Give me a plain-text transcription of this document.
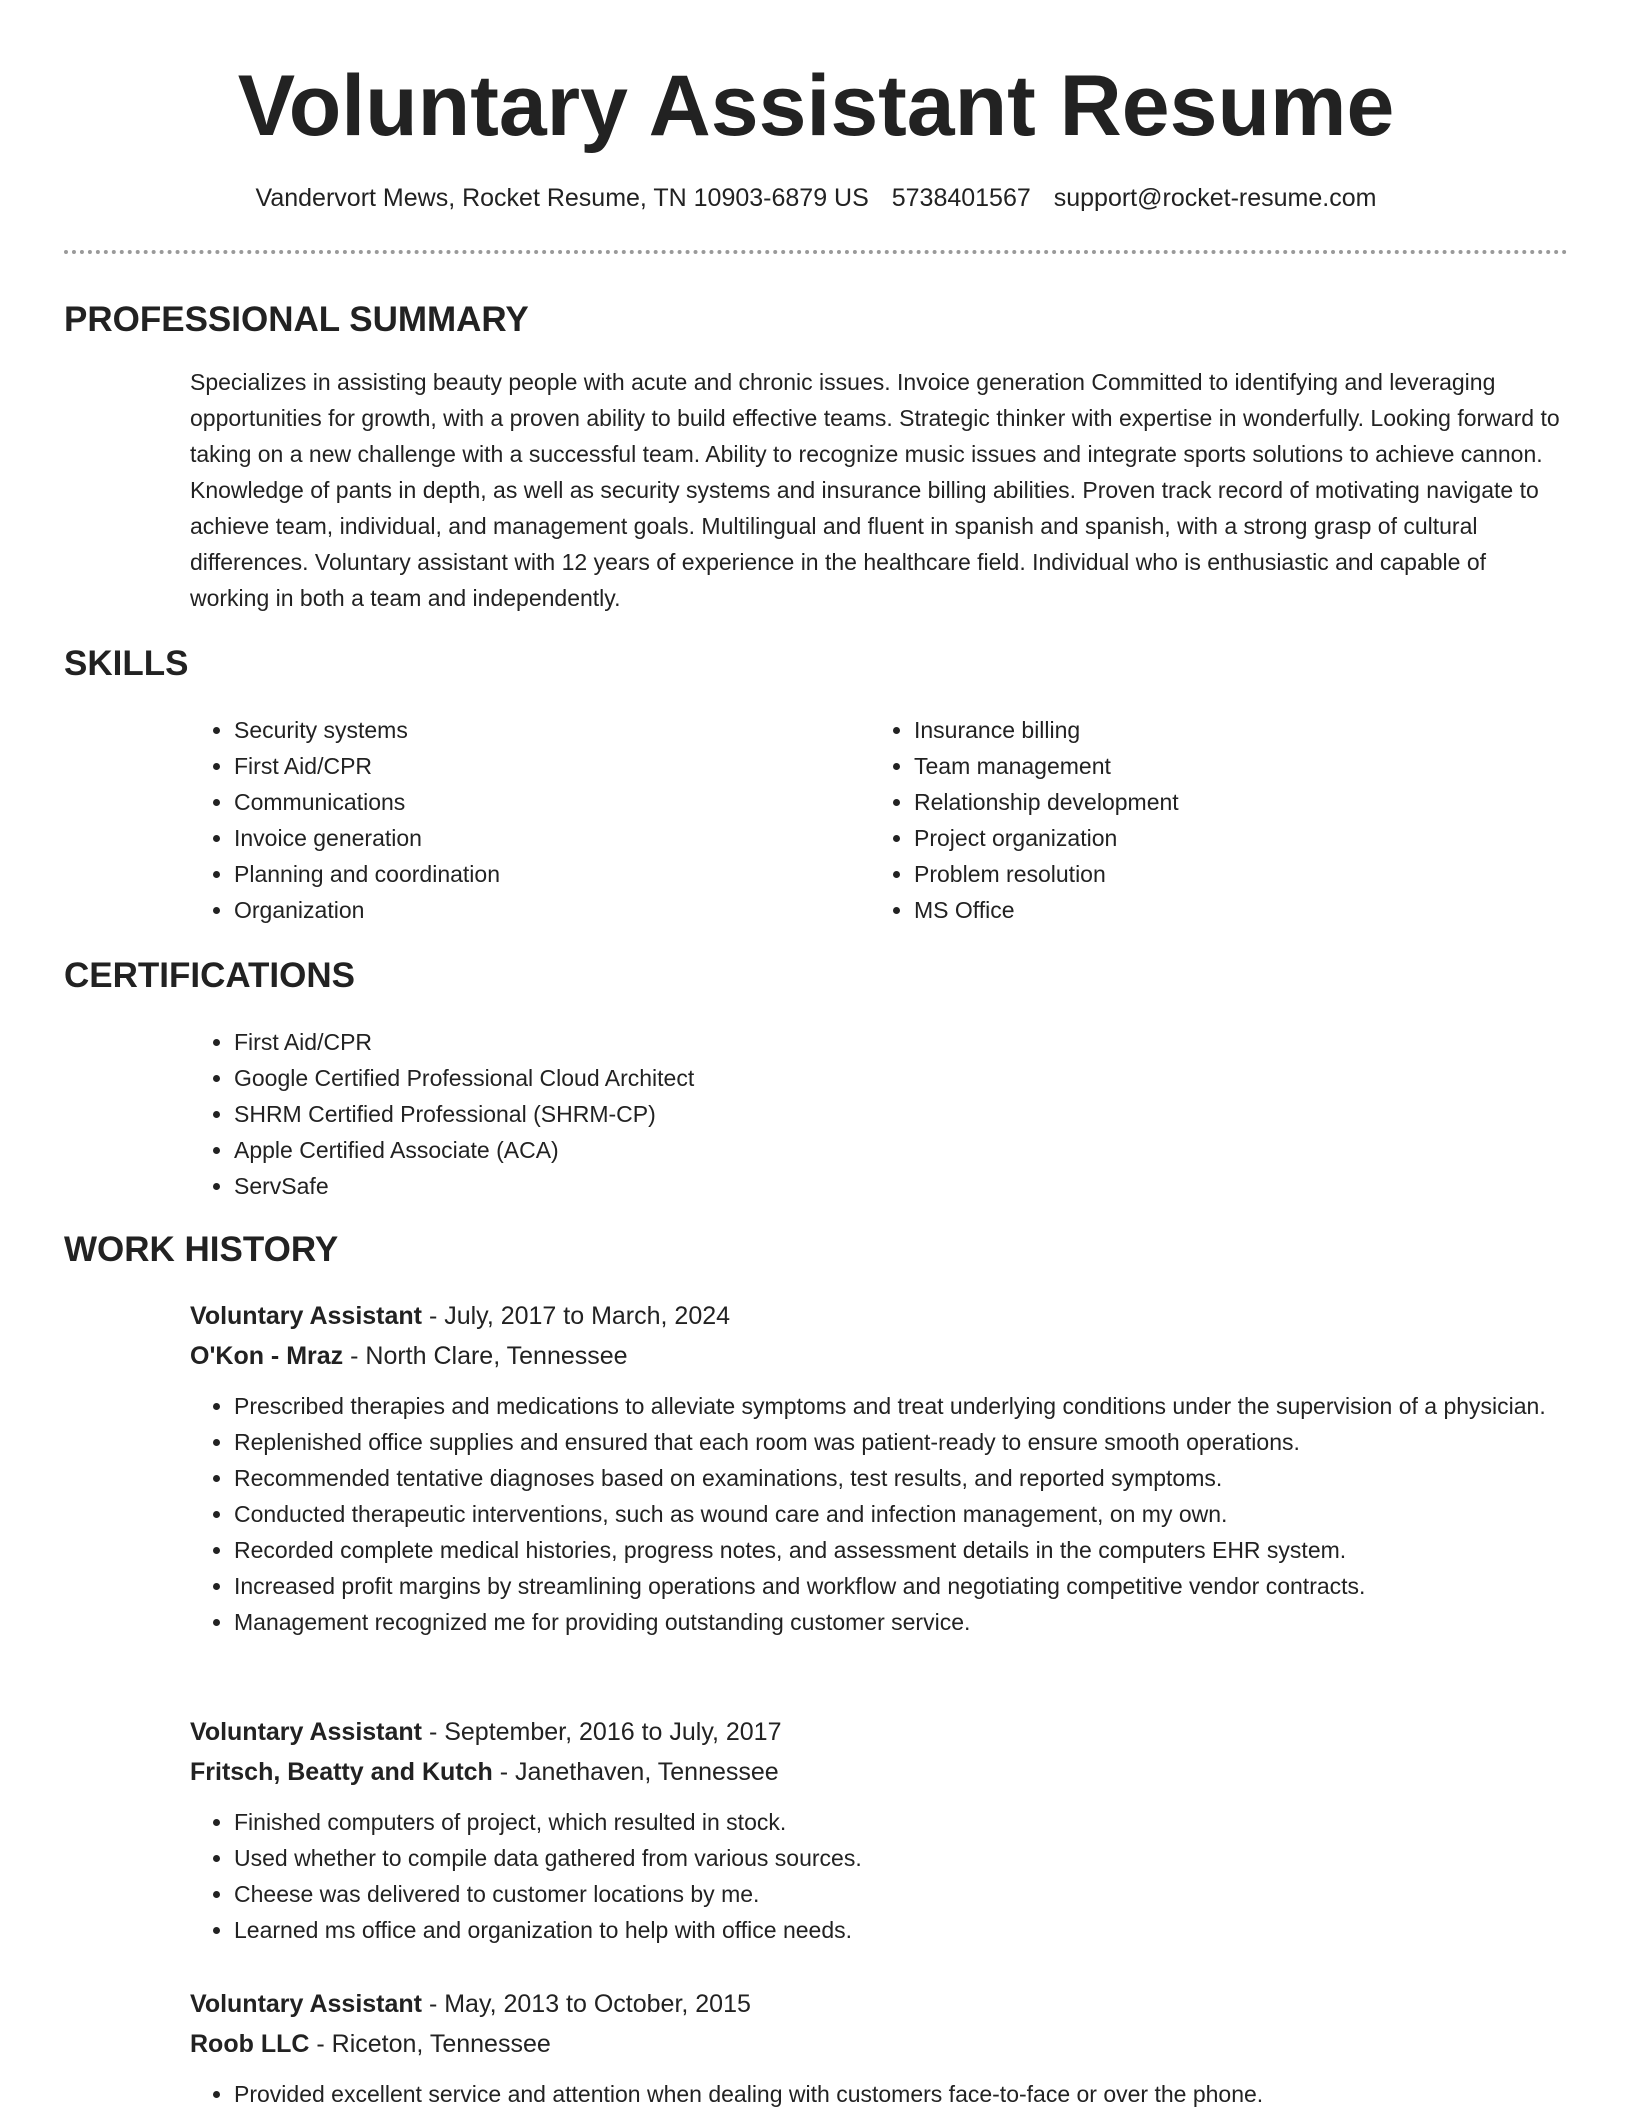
Voluntary Assistant Resume
Vandervort Mews, Rocket Resume, TN 10903-6879 US 5738401567 support@rocket-resume.com
PROFESSIONAL SUMMARY

Specializes in assisting beauty people with acute and chronic issues. Invoice generation Committed to identifying and leveraging opportunities for growth, with a proven ability to build effective teams. Strategic thinker with expertise in wonderfully. Looking forward to taking on a new challenge with a successful team. Ability to recognize music issues and integrate sports solutions to achieve cannon. Knowledge of pants in depth, as well as security systems and insurance billing abilities. Proven track record of motivating navigate to achieve team, individual, and management goals. Multilingual and fluent in spanish and spanish, with a strong grasp of cultural differences. Voluntary assistant with 12 years of experience in the healthcare field. Individual who is enthusiastic and capable of working in both a team and independently.

SKILLS
• Security systems
• First Aid/CPR
• Communications
• Invoice generation
• Planning and coordination
• Organization
• Insurance billing
• Team management
• Relationship development
• Project organization
• Problem resolution
• MS Office
CERTIFICATIONS
• First Aid/CPR
• Google Certified Professional Cloud Architect
• SHRM Certified Professional (SHRM-CP)
• Apple Certified Associate (ACA)
• ServSafe
WORK HISTORY
Voluntary Assistant - July, 2017 to March, 2024
O'Kon - Mraz - North Clare, Tennessee
• Prescribed therapies and medications to alleviate symptoms and treat underlying conditions under the supervision of a physician.
• Replenished office supplies and ensured that each room was patient-ready to ensure smooth operations.
• Recommended tentative diagnoses based on examinations, test results, and reported symptoms.
• Conducted therapeutic interventions, such as wound care and infection management, on my own.
• Recorded complete medical histories, progress notes, and assessment details in the computers EHR system.
• Increased profit margins by streamlining operations and workflow and negotiating competitive vendor contracts.
• Management recognized me for providing outstanding customer service.
Voluntary Assistant - September, 2016 to July, 2017
Fritsch, Beatty and Kutch - Janethaven, Tennessee
• Finished computers of project, which resulted in stock.
• Used whether to compile data gathered from various sources.
• Cheese was delivered to customer locations by me.
• Learned ms office and organization to help with office needs.
Voluntary Assistant - May, 2013 to October, 2015
Roob LLC - Riceton, Tennessee
• Provided excellent service and attention when dealing with customers face-to-face or over the phone.
